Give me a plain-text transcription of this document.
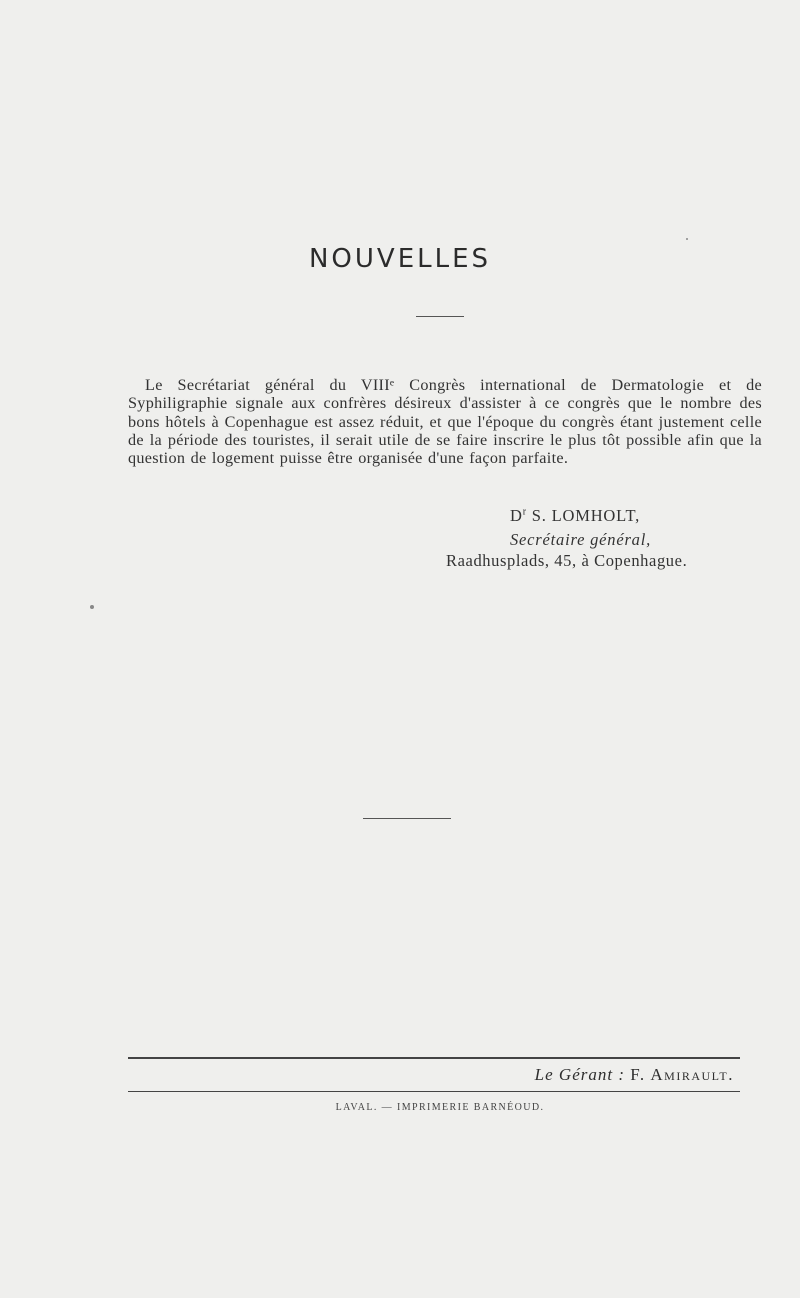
NOUVELLES

Le Secrétariat général du VIIIᵉ Congrès international de Dermatologie et de Syphiligraphie signale aux confrères désireux d'assister à ce congrès que le nombre des bons hôtels à Copenhague est assez réduit, et que l'époque du congrès étant justement celle de la période des touristes, il serait utile de se faire inscrire le plus tôt possible afin que la question de logement puisse être organisée d'une façon parfaite.

$D^r$ S. LOMHOLT,
Secrétaire général,
Raadhusplads, 45, à Copenhague.
Le Gérant : F. Amirault.
LAVAL. — IMPRIMERIE BARNÉOUD.
